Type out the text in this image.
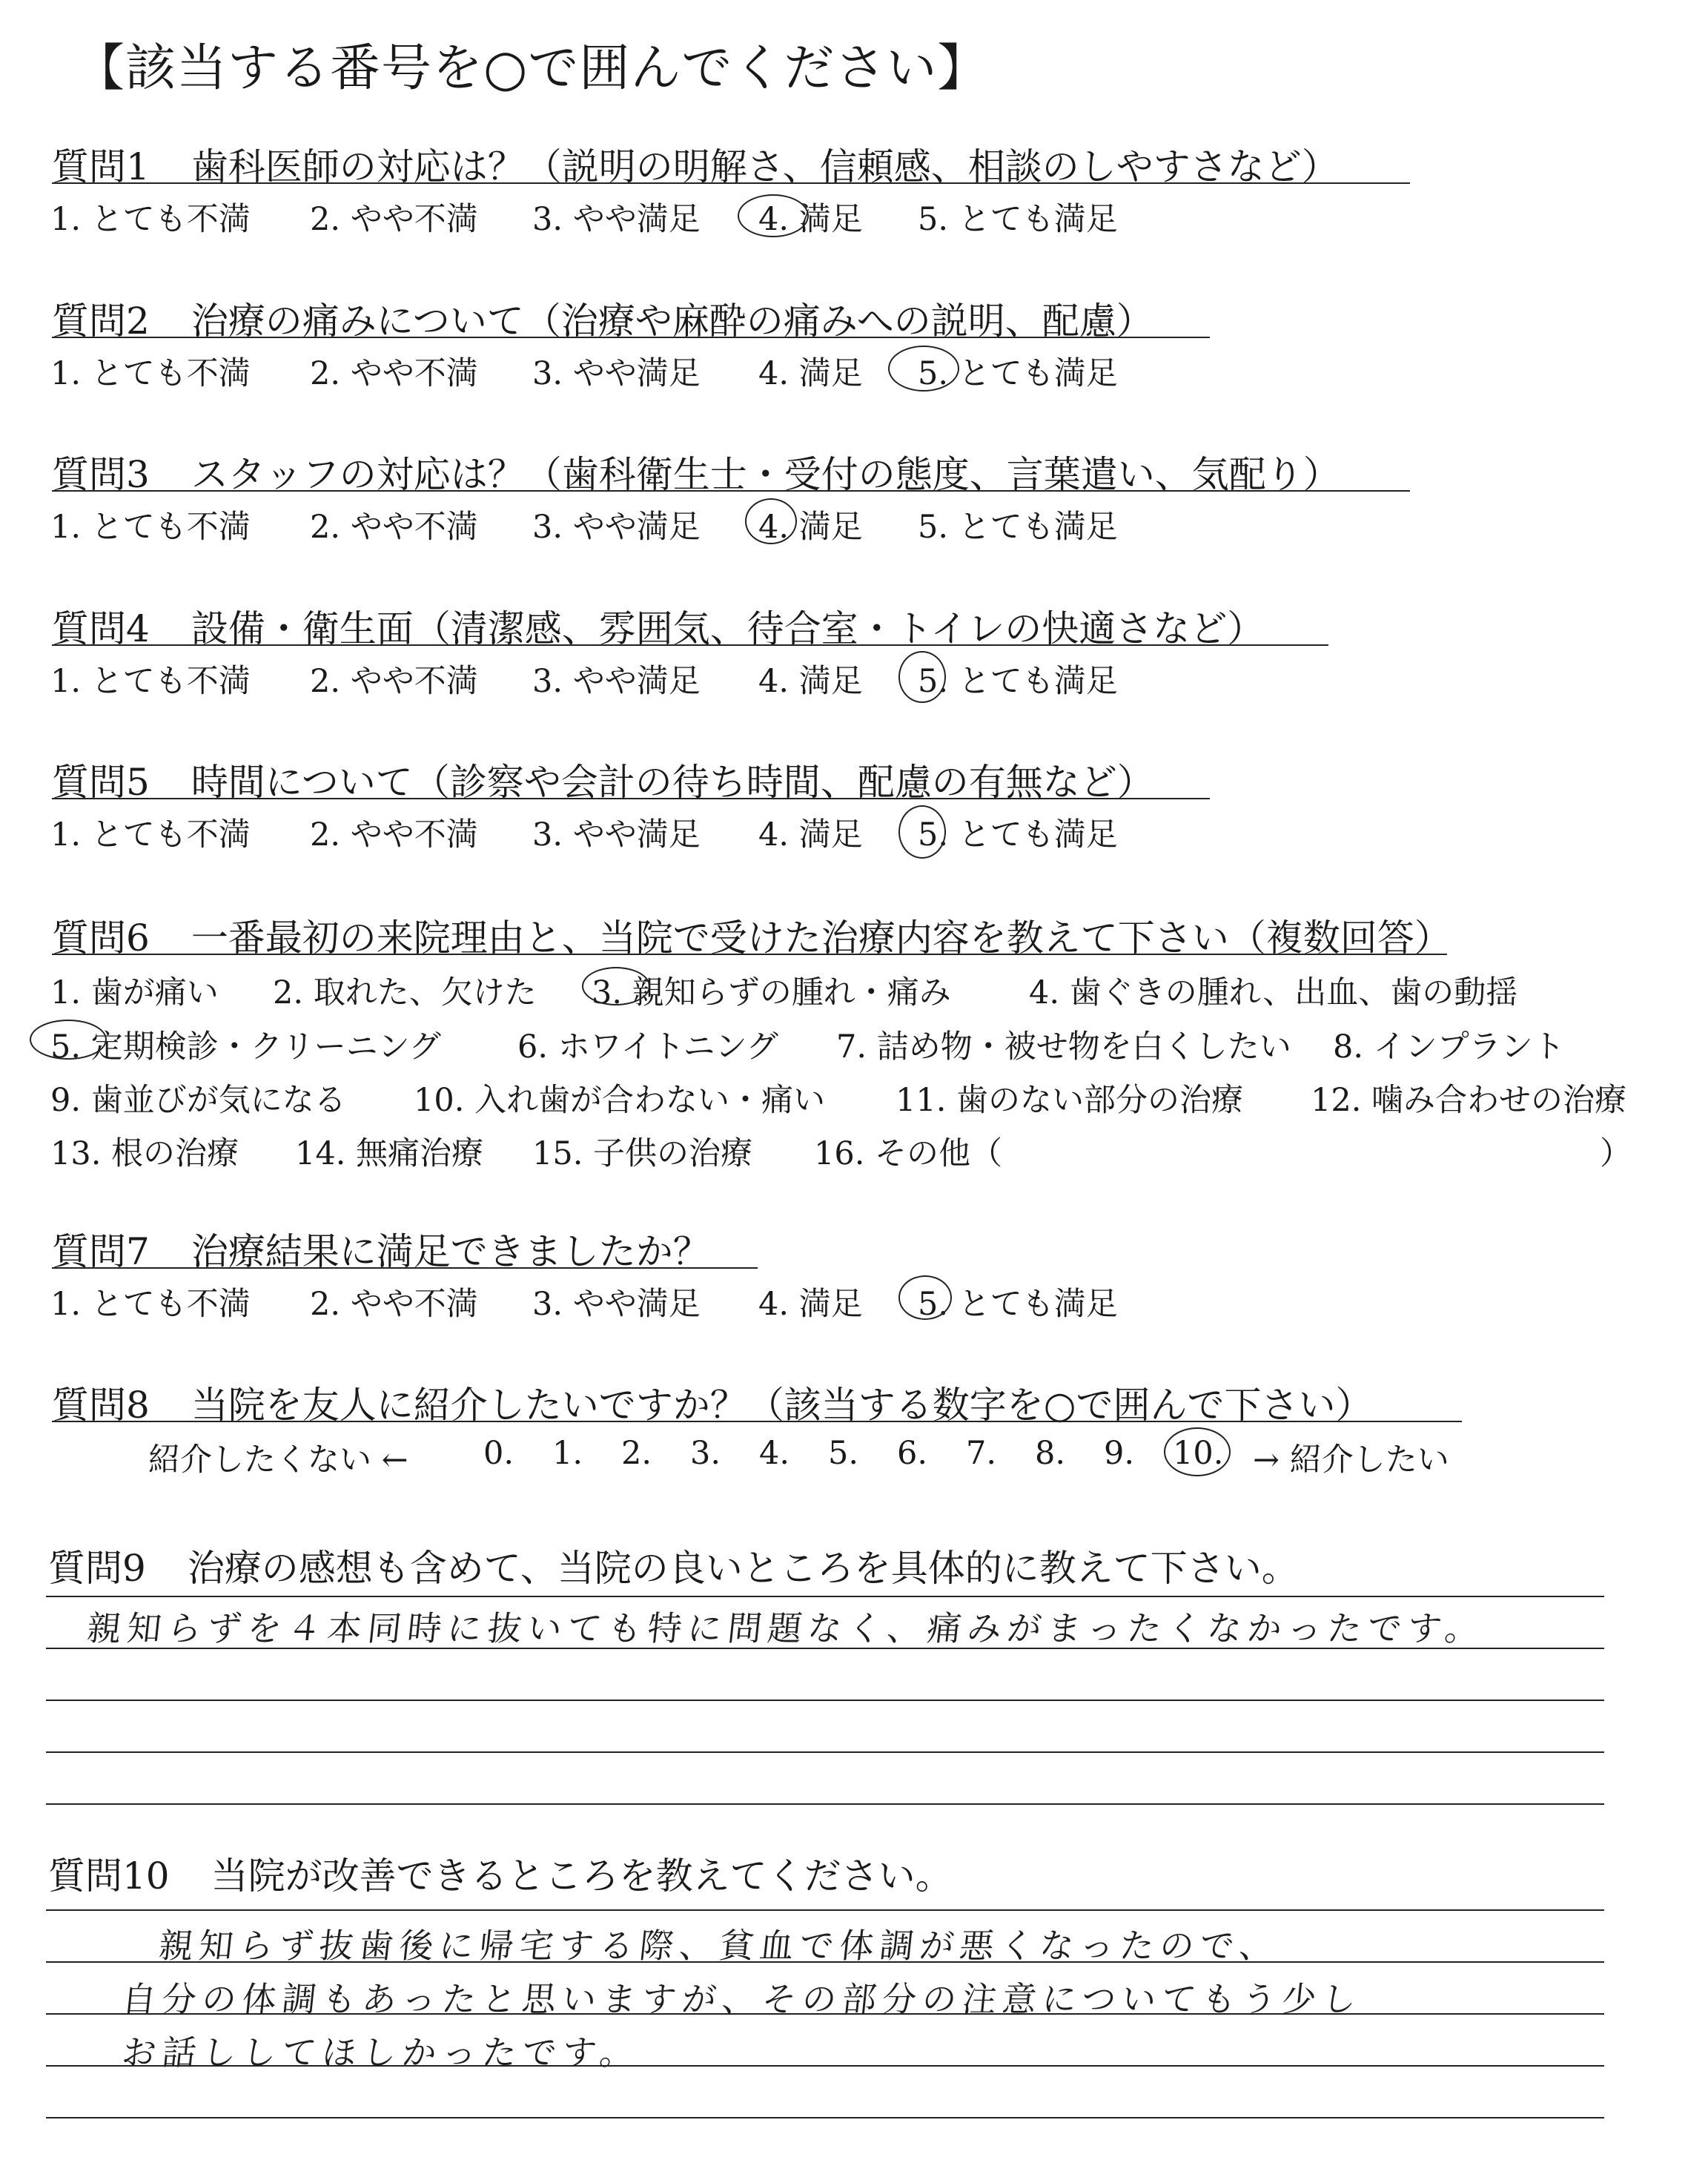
【該当する番号を○で囲んでください】
質問1 歯科医師の対応は？（説明の明解さ、信頼感、相談のしやすさなど）
1. とても不満 2. やや不満 3. やや満足 4. 満足 5. とても満足
質問2 治療の痛みについて（治療や麻酔の痛みへの説明、配慮）
1. とても不満 2. やや不満 3. やや満足 4. 満足 5. とても満足
質問3 スタッフの対応は？（歯科衛生士・受付の態度、言葉遣い、気配り）
1. とても不満 2. やや不満 3. やや満足 4. 満足 5. とても満足
質問4 設備・衛生面（清潔感、雰囲気、待合室・トイレの快適さなど）
1. とても不満 2. やや不満 3. やや満足 4. 満足 5. とても満足
質問5 時間について（診察や会計の待ち時間、配慮の有無など）
1. とても不満 2. やや不満 3. やや満足 4. 満足 5. とても満足
質問6 一番最初の来院理由と、当院で受けた治療内容を教えて下さい（複数回答）
1. 歯が痛い 2. 取れた、欠けた 3. 親知らずの腫れ・痛み 4. 歯ぐきの腫れ、出血、歯の動揺
5. 定期検診・クリーニング 6. ホワイトニング 7. 詰め物・被せ物を白くしたい 8. インプラント
9. 歯並びが気になる 10. 入れ歯が合わない・痛い 11. 歯のない部分の治療 12. 噛み合わせの治療
13. 根の治療 14. 無痛治療 15. 子供の治療 16. その他（	）
質問7 治療結果に満足できましたか？
1. とても不満 2. やや不満 3. やや満足 4. 満足 5. とても満足
質問8 当院を友人に紹介したいですか？（該当する数字を○で囲んで下さい）
紹介したくない ← 0. 1. 2. 3. 4. 5. 6. 7. 8. 9. 10. → 紹介したい
質問9 治療の感想も含めて、当院の良いところを具体的に教えて下さい。
親知らずを４本同時に抜いても特に問題なく、痛みがまったくなかったです。
質問10 当院が改善できるところを教えてください。
親知らず抜歯後に帰宅する際、貧血で体調が悪くなったので、
自分の体調もあったと思いますが、その部分の注意についてもう少し
お話ししてほしかったです。
